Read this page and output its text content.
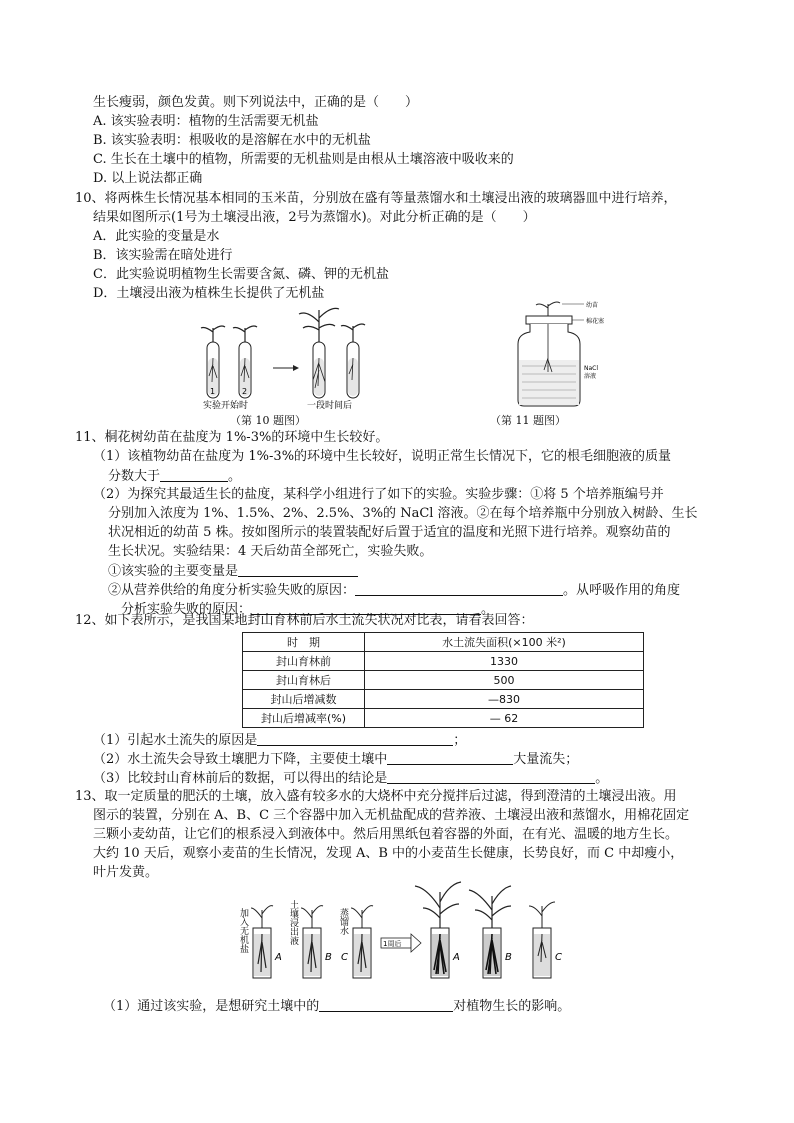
生长瘦弱，颜色发黄。则下列说法中，正确的是（　　）
A. 该实验表明：植物的生活需要无机盐
B. 该实验表明：根吸收的是溶解在水中的无机盐
C. 生长在土壤中的植物，所需要的无机盐则是由根从土壤溶液中吸收来的
D. 以上说法都正确
10、将两株生长情况基本相同的玉米苗，分别放在盛有等量蒸馏水和土壤浸出液的玻璃器皿中进行培养，
结果如图所示(1号为土壤浸出液，2号为蒸馏水)。对此分析正确的是（　　）
A．此实验的变量是水
B．该实验需在暗处进行
C．此实验说明植物生长需要含氮、磷、钾的无机盐
D．土壤浸出液为植株生长提供了无机盐
1	2
实验开始时	一段时间后
（第 10 题图）
幼苗
棉花塞
NaCl
溶液
（第 11 题图）
11、桐花树幼苗在盐度为 1%-3%的环境中生长较好。
（1）该植物幼苗在盐度为 1%-3%的环境中生长较好，说明正常生长情况下，它的根毛细胞液的质量
分数大于	。
（2）为探究其最适生长的盐度，某科学小组进行了如下的实验。实验步骤：①将 5 个培养瓶编号并
分别加入浓度为 1%、1.5%、2%、2.5%、3%的 NaCl 溶液。②在每个培养瓶中分别放入树龄、生长
状况相近的幼苗 5 株。按如图所示的装置装配好后置于适宜的温度和光照下进行培养。观察幼苗的
生长状况。实验结果：4 天后幼苗全部死亡，实验失败。
①该实验的主要变量是
②从营养供给的角度分析实验失败的原因：	。从呼吸作用的角度
分析实验失败的原因：	。
12、如下表所示，是我国某地封山育林前后水土流失状况对比表，请看表回答：
时　期	水土流失面积(×100 米²)
封山育林前	1330
封山育林后	500
封山后增减数	—830
封山后增减率(%)	— 62
（1）引起水土流失的原因是	；
（2）水土流失会导致土壤肥力下降，主要使土壤中	大量流失；
（3）比较封山育林前后的数据，可以得出的结论是	。
13、取一定质量的肥沃的土壤，放入盛有较多水的大烧杯中充分搅拌后过滤，得到澄清的土壤浸出液。用
图示的装置，分别在 A、B、C 三个容器中加入无机盐配成的营养液、土壤浸出液和蒸馏水，用棉花固定
三颗小麦幼苗，让它们的根系浸入到液体中。然后用黑纸包着容器的外面，在有光、温暖的地方生长。
大约 10 天后，观察小麦苗的生长情况，发现 A、B 中的小麦苗生长健康，长势良好，而 C 中却瘦小，
叶片发黄。
加入无机盐	土壤浸出液	蒸馏水
A	B C
1周后
A	B	C
（1）通过该实验，是想研究土壤中的	对植物生长的影响。
